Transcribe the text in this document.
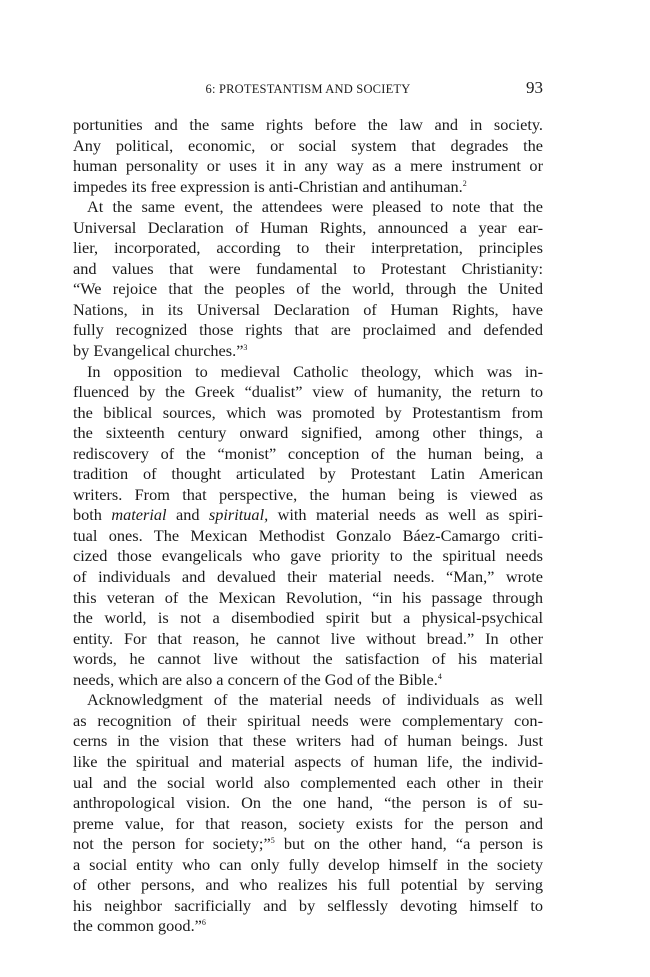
6: PROTESTANTISM AND SOCIETY	93

portunities and the same rights before the law and in society.
Any political, economic, or social system that degrades the
human personality or uses it in any way as a mere instrument or
impedes its free expression is anti-Christian and antihuman.$^2$

At the same event, the attendees were pleased to note that the
Universal Declaration of Human Rights, announced a year ear-
lier, incorporated, according to their interpretation, principles
and values that were fundamental to Protestant Christianity:
“We rejoice that the peoples of the world, through the United
Nations, in its Universal Declaration of Human Rights, have
fully recognized those rights that are proclaimed and defended
by Evangelical churches.”$^3$

In opposition to medieval Catholic theology, which was in-
fluenced by the Greek “dualist” view of humanity, the return to
the biblical sources, which was promoted by Protestantism from
the sixteenth century onward signified, among other things, a
rediscovery of the “monist” conception of the human being, a
tradition of thought articulated by Protestant Latin American
writers. From that perspective, the human being is viewed as
both material and spiritual, with material needs as well as spiri-
tual ones. The Mexican Methodist Gonzalo Báez-Camargo criti-
cized those evangelicals who gave priority to the spiritual needs
of individuals and devalued their material needs. “Man,” wrote
this veteran of the Mexican Revolution, “in his passage through
the world, is not a disembodied spirit but a physical-psychical
entity. For that reason, he cannot live without bread.” In other
words, he cannot live without the satisfaction of his material
needs, which are also a concern of the God of the Bible.$^4$

Acknowledgment of the material needs of individuals as well
as recognition of their spiritual needs were complementary con-
cerns in the vision that these writers had of human beings. Just
like the spiritual and material aspects of human life, the individ-
ual and the social world also complemented each other in their
anthropological vision. On the one hand, “the person is of su-
preme value, for that reason, society exists for the person and
not the person for society;”$^5$ but on the other hand, “a person is
a social entity who can only fully develop himself in the society
of other persons, and who realizes his full potential by serving
his neighbor sacrificially and by selflessly devoting himself to
the common good.”$^6$
